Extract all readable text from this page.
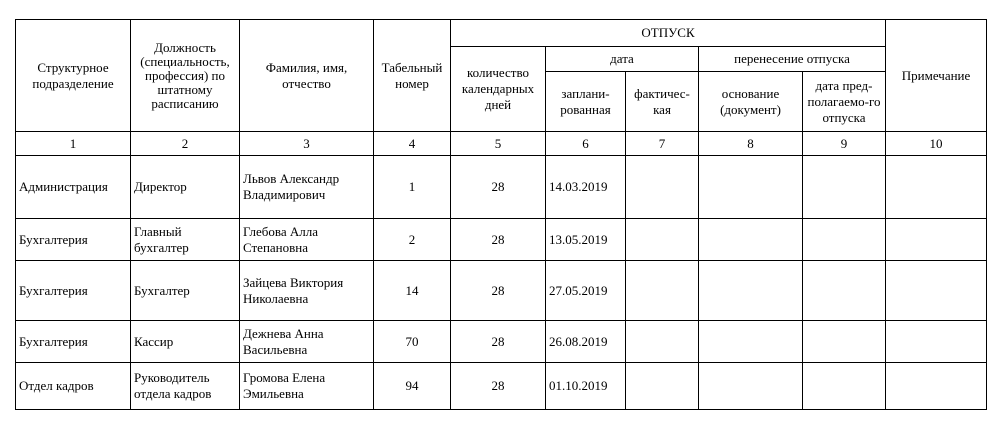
Структурное подразделение	Должность (специальность, профессия) по штатному расписанию	Фамилия, имя, отчество	Табельный номер	ОТПУСК					Примечание
				количество календарных дней	дата		перенесение отпуска		
					заплани-рованная	фактичес-кая	основание (документ)	дата пред-полагаемо-го отпуска	
1	2	3	4	5	6	7	8	9	10
Администрация	Директор	Львов Александр Владимирович	1	28	14.03.2019				
Бухгалтерия	Главный бухгалтер	Глебова Алла Степановна	2	28	13.05.2019				
Бухгалтерия	Бухгалтер	Зайцева Виктория Николаевна	14	28	27.05.2019				
Бухгалтерия	Кассир	Дежнева Анна Васильевна	70	28	26.08.2019				
Отдел кадров	Руководитель отдела кадров	Громова Елена Эмильевна	94	28	01.10.2019				
